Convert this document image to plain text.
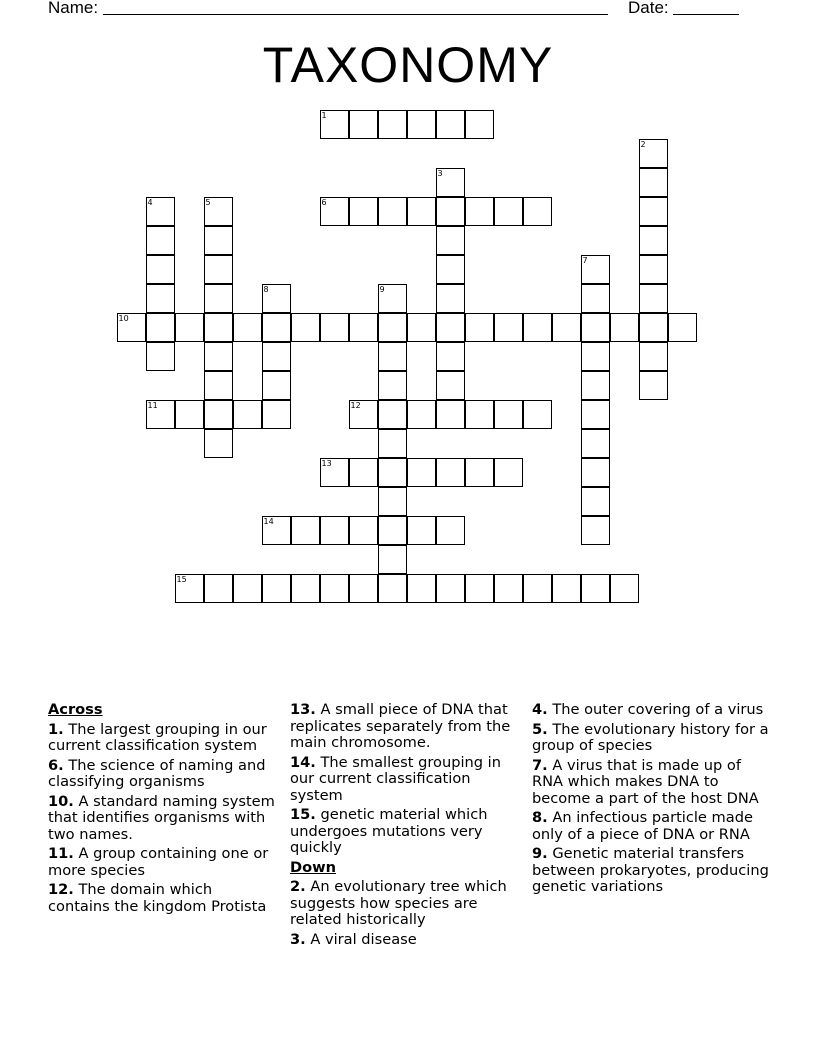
Name:	Date:
TAXONOMY
1
2
3
4	5	6
7
8	9
10
11	12
13
14
15
Across
1. The largest grouping in our current classification system
6. The science of naming and classifying organisms
10. A standard naming system that identifies organisms with two names.
11. A group containing one or more species
12. The domain which contains the kingdom Protista
13. A small piece of DNA that replicates separately from the main chromosome.
14. The smallest grouping in our current classification system
15. genetic material which undergoes mutations very quickly
Down
2. An evolutionary tree which suggests how species are related historically
3. A viral disease
4. The outer covering of a virus
5. The evolutionary history for a group of species
7. A virus that is made up of RNA which makes DNA to become a part of the host DNA
8. An infectious particle made only of a piece of DNA or RNA
9. Genetic material transfers between prokaryotes, producing genetic variations
